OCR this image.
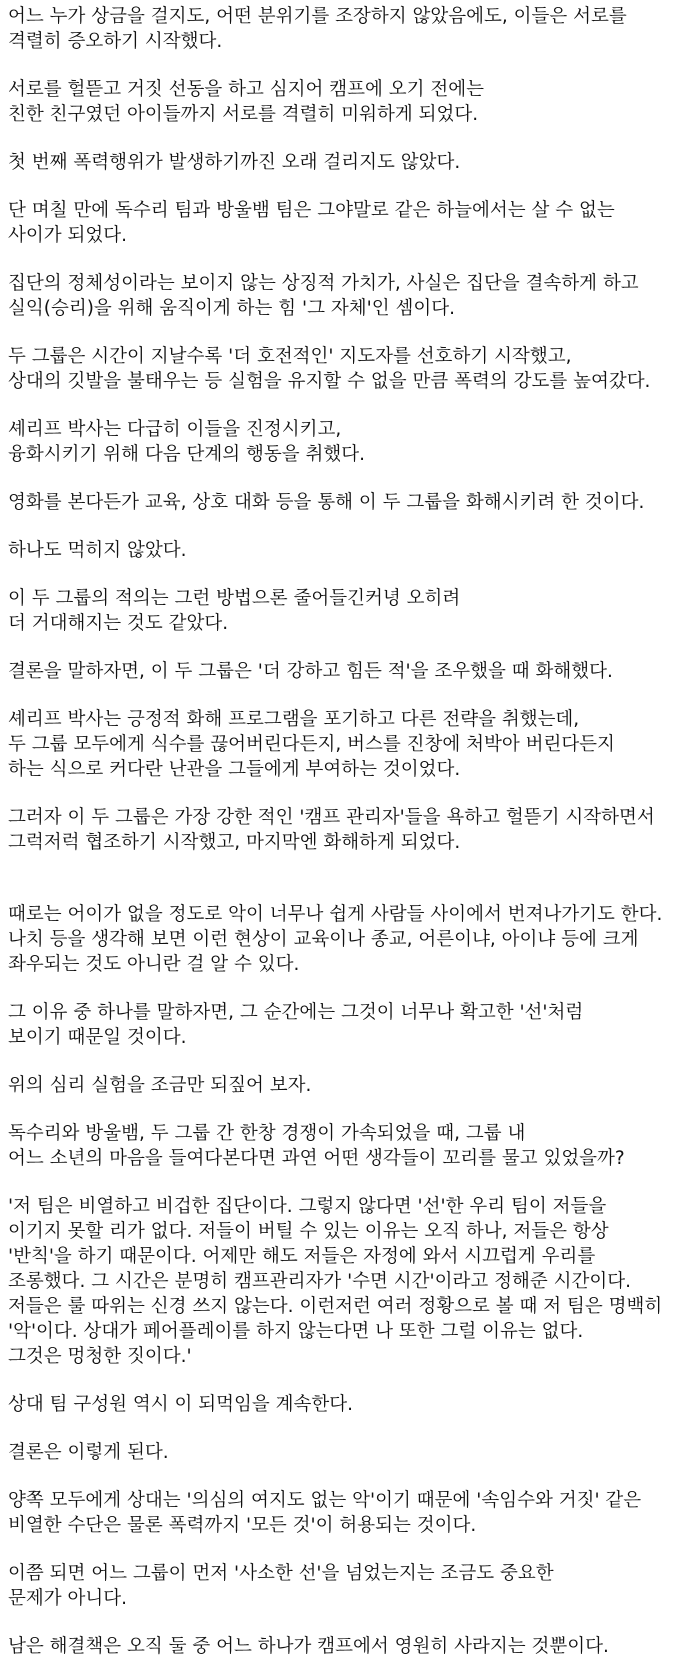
어느 누가 상금을 걸지도, 어떤 분위기를 조장하지 않았음에도, 이들은 서로를
격렬히 증오하기 시작했다.

서로를 헐뜯고 거짓 선동을 하고 심지어 캠프에 오기 전에는
친한 친구였던 아이들까지 서로를 격렬히 미워하게 되었다.

첫 번째 폭력행위가 발생하기까진 오래 걸리지도 않았다.

단 며칠 만에 독수리 팀과 방울뱀 팀은 그야말로 같은 하늘에서는 살 수 없는
사이가 되었다.

집단의 정체성이라는 보이지 않는 상징적 가치가, 사실은 집단을 결속하게 하고
실익(승리)을 위해 움직이게 하는 힘 '그 자체'인 셈이다.

두 그룹은 시간이 지날수록 '더 호전적인' 지도자를 선호하기 시작했고,
상대의 깃발을 불태우는 등 실험을 유지할 수 없을 만큼 폭력의 강도를 높여갔다.

셰리프 박사는 다급히 이들을 진정시키고,
융화시키기 위해 다음 단계의 행동을 취했다.

영화를 본다든가 교육, 상호 대화 등을 통해 이 두 그룹을 화해시키려 한 것이다.

하나도 먹히지 않았다.

이 두 그룹의 적의는 그런 방법으론 줄어들긴커녕 오히려
더 거대해지는 것도 같았다.

결론을 말하자면, 이 두 그룹은 '더 강하고 힘든 적'을 조우했을 때 화해했다.

셰리프 박사는 긍정적 화해 프로그램을 포기하고 다른 전략을 취했는데,
두 그룹 모두에게 식수를 끊어버린다든지, 버스를 진창에 처박아 버린다든지
하는 식으로 커다란 난관을 그들에게 부여하는 것이었다.

그러자 이 두 그룹은 가장 강한 적인 '캠프 관리자'들을 욕하고 헐뜯기 시작하면서
그럭저럭 협조하기 시작했고, 마지막엔 화해하게 되었다.

때로는 어이가 없을 정도로 악이 너무나 쉽게 사람들 사이에서 번져나가기도 한다.
나치 등을 생각해 보면 이런 현상이 교육이나 종교, 어른이냐, 아이냐 등에 크게
좌우되는 것도 아니란 걸 알 수 있다.

그 이유 중 하나를 말하자면, 그 순간에는 그것이 너무나 확고한 '선'처럼
보이기 때문일 것이다.

위의 심리 실험을 조금만 되짚어 보자.

독수리와 방울뱀, 두 그룹 간 한창 경쟁이 가속되었을 때, 그룹 내
어느 소년의 마음을 들여다본다면 과연 어떤 생각들이 꼬리를 물고 있었을까?

'저 팀은 비열하고 비겁한 집단이다. 그렇지 않다면 '선'한 우리 팀이 저들을
이기지 못할 리가 없다. 저들이 버틸 수 있는 이유는 오직 하나, 저들은 항상
'반칙'을 하기 때문이다. 어제만 해도 저들은 자정에 와서 시끄럽게 우리를
조롱했다. 그 시간은 분명히 캠프관리자가 '수면 시간'이라고 정해준 시간이다.
저들은 룰 따위는 신경 쓰지 않는다. 이런저런 여러 정황으로 볼 때 저 팀은 명백히
'악'이다. 상대가 페어플레이를 하지 않는다면 나 또한 그럴 이유는 없다.
그것은 멍청한 짓이다.'

상대 팀 구성원 역시 이 되먹임을 계속한다.

결론은 이렇게 된다.

양쪽 모두에게 상대는 '의심의 여지도 없는 악'이기 때문에 '속임수와 거짓' 같은
비열한 수단은 물론 폭력까지 '모든 것'이 허용되는 것이다.

이쯤 되면 어느 그룹이 먼저 '사소한 선'을 넘었는지는 조금도 중요한
문제가 아니다.

남은 해결책은 오직 둘 중 어느 하나가 캠프에서 영원히 사라지는 것뿐이다.
